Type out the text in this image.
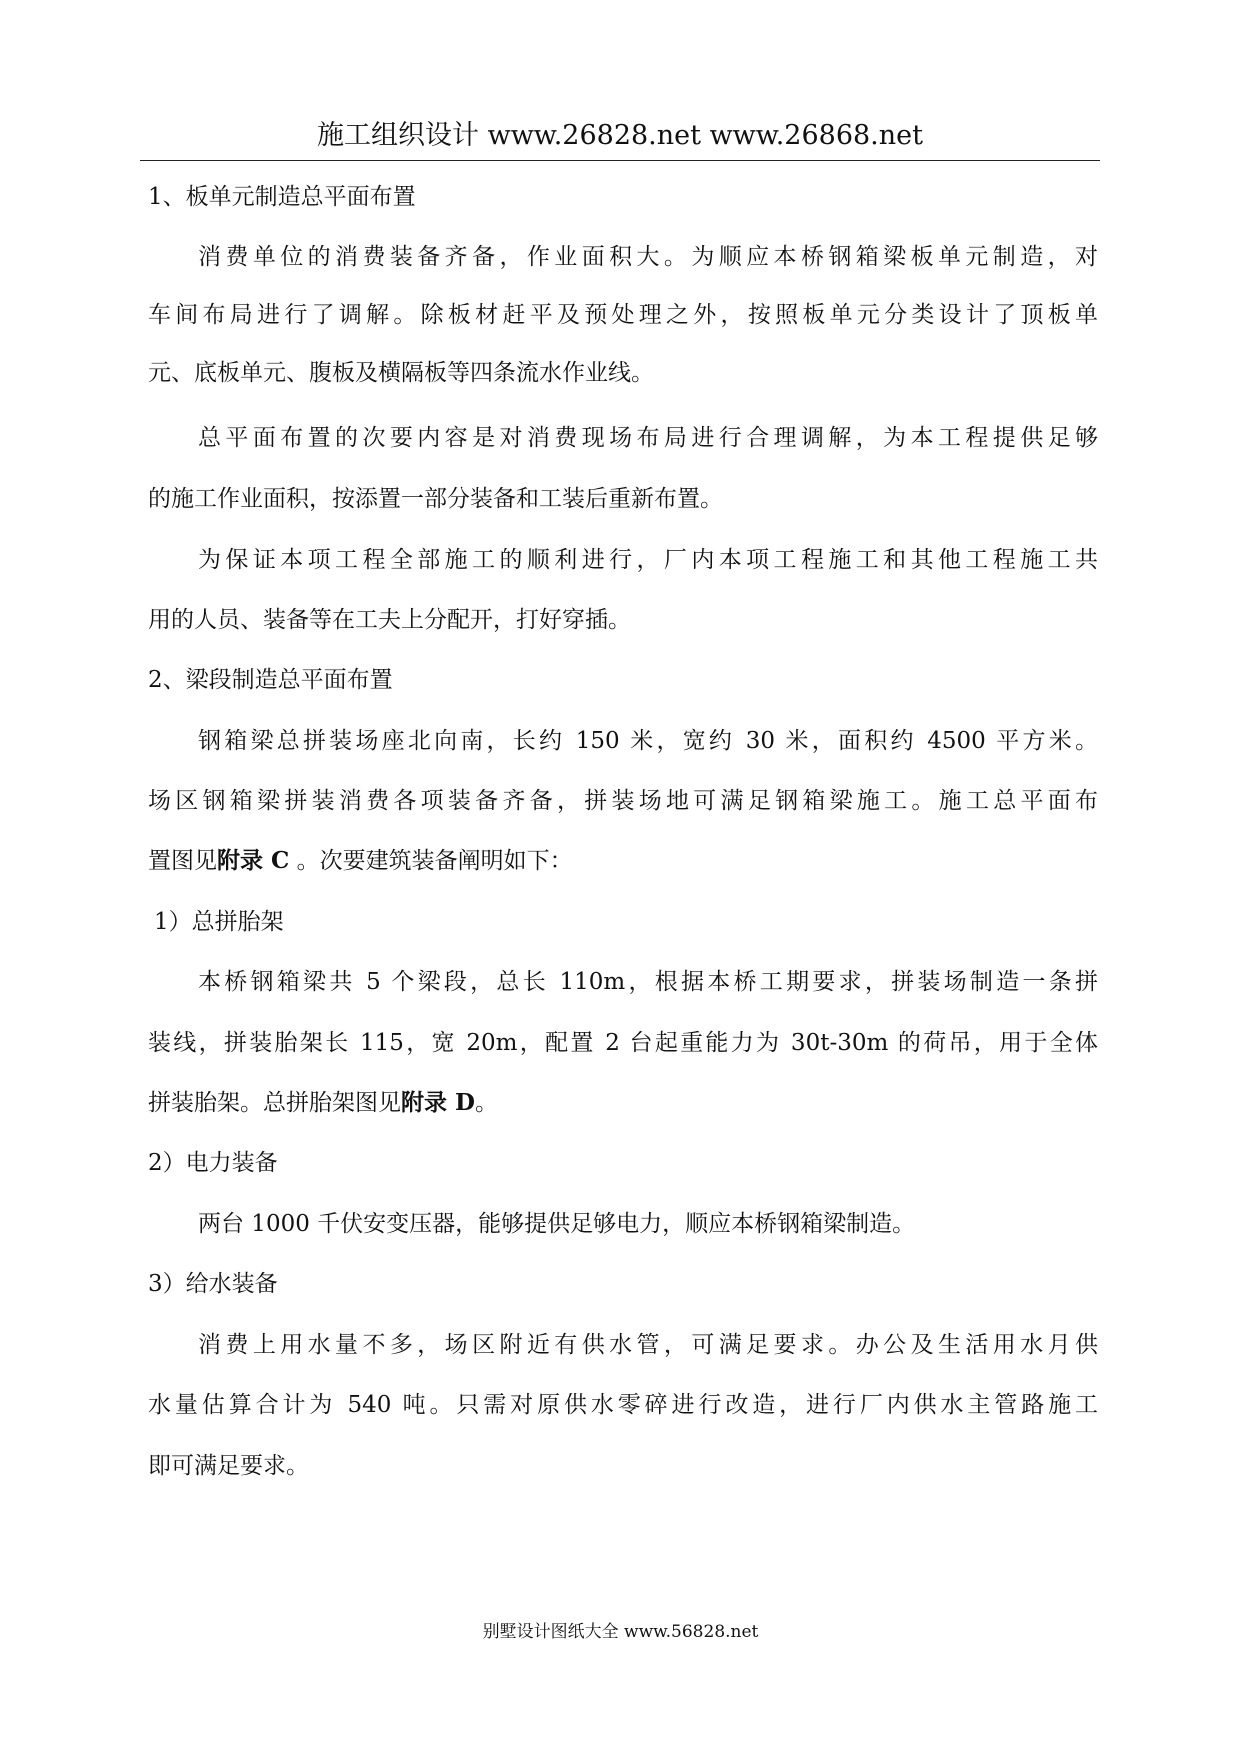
施工组织设计 www.26828.net www.26868.net
1、板单元制造总平面布置
消费单位的消费装备齐备，作业面积大。为顺应本桥钢箱梁板单元制造，对
车间布局进行了调解。除板材赶平及预处理之外，按照板单元分类设计了顶板单
元、底板单元、腹板及横隔板等四条流水作业线。
总平面布置的次要内容是对消费现场布局进行合理调解，为本工程提供足够
的施工作业面积，按添置一部分装备和工装后重新布置。
为保证本项工程全部施工的顺利进行，厂内本项工程施工和其他工程施工共
用的人员、装备等在工夫上分配开，打好穿插。
2、梁段制造总平面布置
钢箱梁总拼装场座北向南，长约 150 米，宽约 30 米，面积约 4500 平方米。
场区钢箱梁拼装消费各项装备齐备，拼装场地可满足钢箱梁施工。施工总平面布
置图见附录 C 。次要建筑装备阐明如下：
1）总拼胎架
本桥钢箱梁共 5 个梁段，总长 110m，根据本桥工期要求，拼装场制造一条拼
装线，拼装胎架长 115，宽 20m，配置 2 台起重能力为 30t-30m 的荷吊，用于全体
拼装胎架。总拼胎架图见附录 D。
2）电力装备
两台 1000 千伏安变压器，能够提供足够电力，顺应本桥钢箱梁制造。
3）给水装备
消费上用水量不多，场区附近有供水管，可满足要求。办公及生活用水月供
水量估算合计为 540 吨。只需对原供水零碎进行改造，进行厂内供水主管路施工
即可满足要求。
别墅设计图纸大全 www.56828.net
